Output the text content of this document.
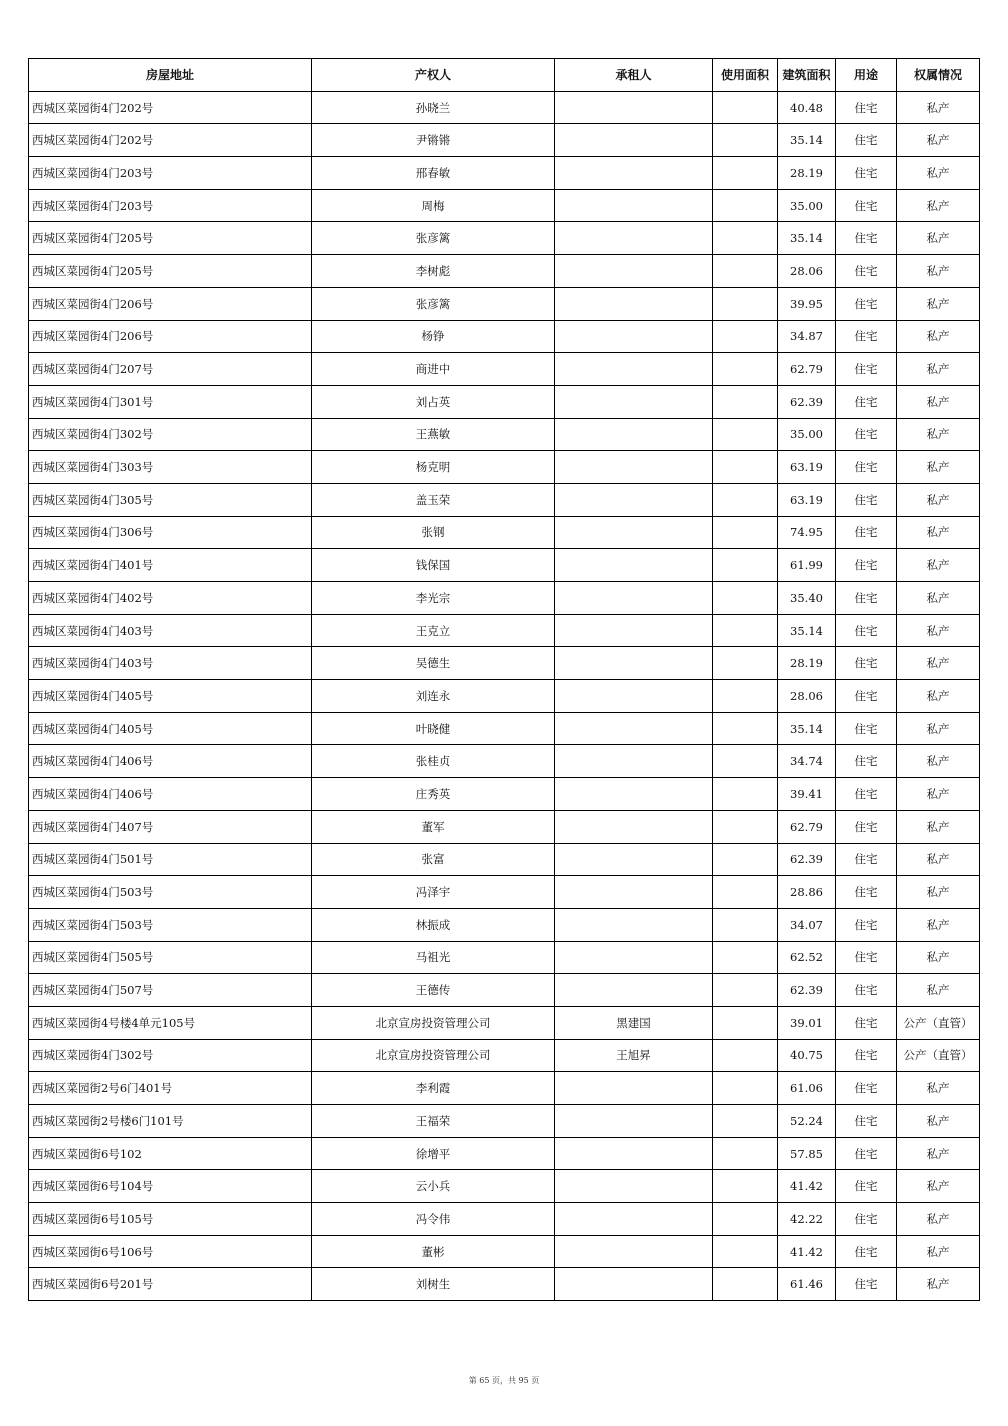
房屋地址	产权人	承租人	使用面积	建筑面积	用途	权属情况
西城区菜园街4门202号	孙晓兰			40.48	住宅	私产
西城区菜园街4门202号	尹锵锵			35.14	住宅	私产
西城区菜园街4门203号	邢春敏			28.19	住宅	私产
西城区菜园街4门203号	周梅			35.00	住宅	私产
西城区菜园街4门205号	张彦篱			35.14	住宅	私产
西城区菜园街4门205号	李树彪			28.06	住宅	私产
西城区菜园街4门206号	张彦篱			39.95	住宅	私产
西城区菜园街4门206号	杨铮			34.87	住宅	私产
西城区菜园街4门207号	商进中			62.79	住宅	私产
西城区菜园街4门301号	刘占英			62.39	住宅	私产
西城区菜园街4门302号	王燕敏			35.00	住宅	私产
西城区菜园街4门303号	杨克明			63.19	住宅	私产
西城区菜园街4门305号	盖玉荣			63.19	住宅	私产
西城区菜园街4门306号	张钢			74.95	住宅	私产
西城区菜园街4门401号	钱保国			61.99	住宅	私产
西城区菜园街4门402号	李光宗			35.40	住宅	私产
西城区菜园街4门403号	王克立			35.14	住宅	私产
西城区菜园街4门403号	吴德生			28.19	住宅	私产
西城区菜园街4门405号	刘连永			28.06	住宅	私产
西城区菜园街4门405号	叶晓健			35.14	住宅	私产
西城区菜园街4门406号	张桂贞			34.74	住宅	私产
西城区菜园街4门406号	庄秀英			39.41	住宅	私产
西城区菜园街4门407号	董军			62.79	住宅	私产
西城区菜园街4门501号	张富			62.39	住宅	私产
西城区菜园街4门503号	冯泽宇			28.86	住宅	私产
西城区菜园街4门503号	林振成			34.07	住宅	私产
西城区菜园街4门505号	马祖光			62.52	住宅	私产
西城区菜园街4门507号	王德传			62.39	住宅	私产
西城区菜园街4号楼4单元105号	北京宣房投资管理公司	黑建国		39.01	住宅	公产（直管）
西城区菜园街4门302号	北京宣房投资管理公司	王旭昇		40.75	住宅	公产（直管）
西城区菜园街2号6门401号	李利霞			61.06	住宅	私产
西城区菜园街2号楼6门101号	王福荣			52.24	住宅	私产
西城区菜园街6号102	徐增平			57.85	住宅	私产
西城区菜园街6号104号	云小兵			41.42	住宅	私产
西城区菜园街6号105号	冯令伟			42.22	住宅	私产
西城区菜园街6号106号	董彬			41.42	住宅	私产
西城区菜园街6号201号	刘树生			61.46	住宅	私产
第 65 页，共 95 页
